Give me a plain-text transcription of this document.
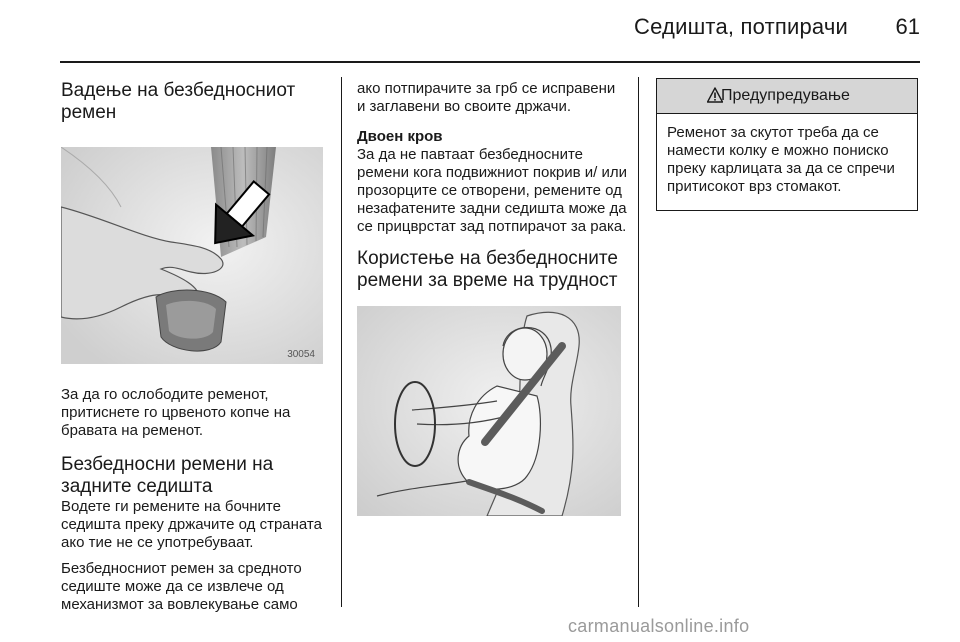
Седишта, потпирачи	61
Вадење на безбедносниот ремен
30054

За да го ослободите ременот, притиснете го црвеното копче на бравата на ременот.

Безбедносни ремени на задните седишта

Водете ги ремените на бочните седишта преку држачите од страната ако тие не се употребуваат.

Безбедносниот ремен за средното седиште може да се извлече од механизмот за вовлекување само

ако потпирачите за грб се исправени и заглавени во своите држачи.

Двоен кров

За да не павтаат безбедносните ремени кога подвижниот покрив и/ или прозорците се отворени, ремените од незафатените задни седишта може да се прицврстат зад потпирачот за рака.

Користење на безбедносните ремени за време на трудност
Предупредување
Ременот за скутот треба да се намести колку е можно пониско преку карлицата за да се спречи притисокот врз стомакот.
carmanualsonline.info
